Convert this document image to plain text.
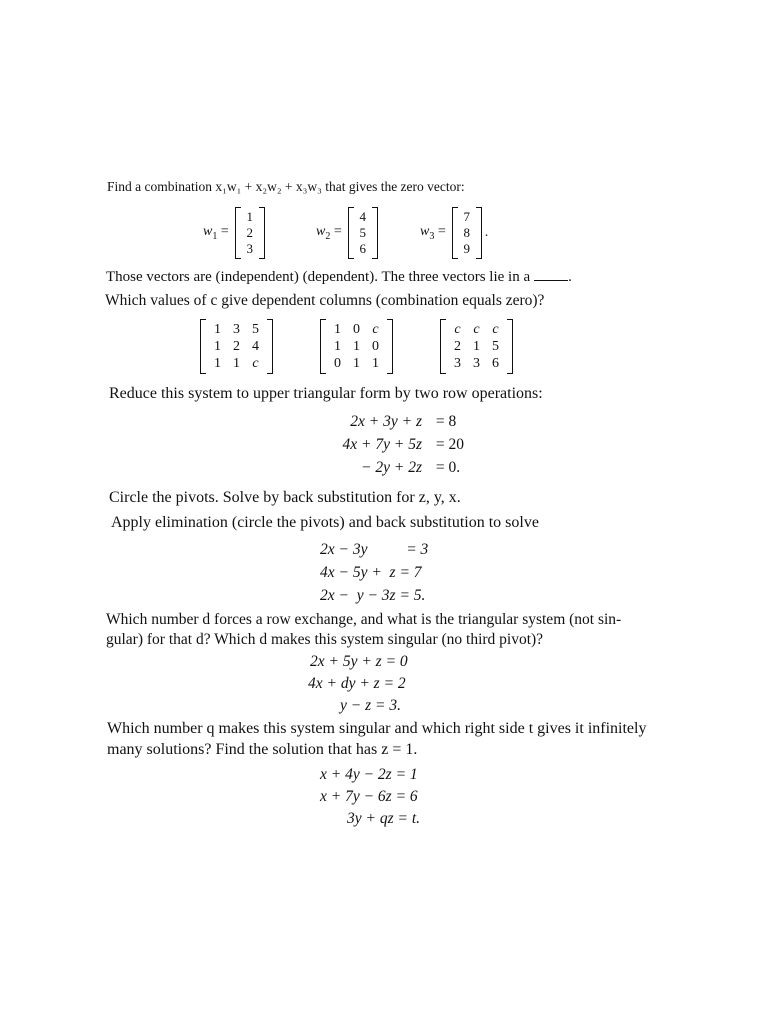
Find a combination x₁w₁ + x₂w₂ + x₃w₃ that gives the zero vector:
$w_1$ =
1
2
3
$w_2$ =
4
5
6
$w_3$ =
7
8
9
.
Those vectors are (independent) (dependent). The three vectors lie in a	.
Which values of c give dependent columns (combination equals zero)?
1	3	5
1	2	4
1	1	c
1	0	c
1	1	0
0	1	1
c	c	c
2	1	5
3	3	6
Reduce this system to upper triangular form by two row operations:
2x + 3y + z = 8
4x + 7y + 5z = 20
− 2y + 2z = 0.
Circle the pivots. Solve by back substitution for z, y, x.
Apply elimination (circle the pivots) and back substitution to solve
2x − 3y          = 3
4x − 5y +  z = 7
2x −  y − 3z = 5.
Which number d forces a row exchange, and what is the triangular system (not sin-
gular) for that d? Which d makes this system singular (no third pivot)?
2x + 5y + z = 0
4x + dy + z = 2
y − z = 3.
Which number q makes this system singular and which right side t gives it infinitely
many solutions? Find the solution that has z = 1.
x + 4y − 2z = 1
x + 7y − 6z = 6
3y + qz = t.
